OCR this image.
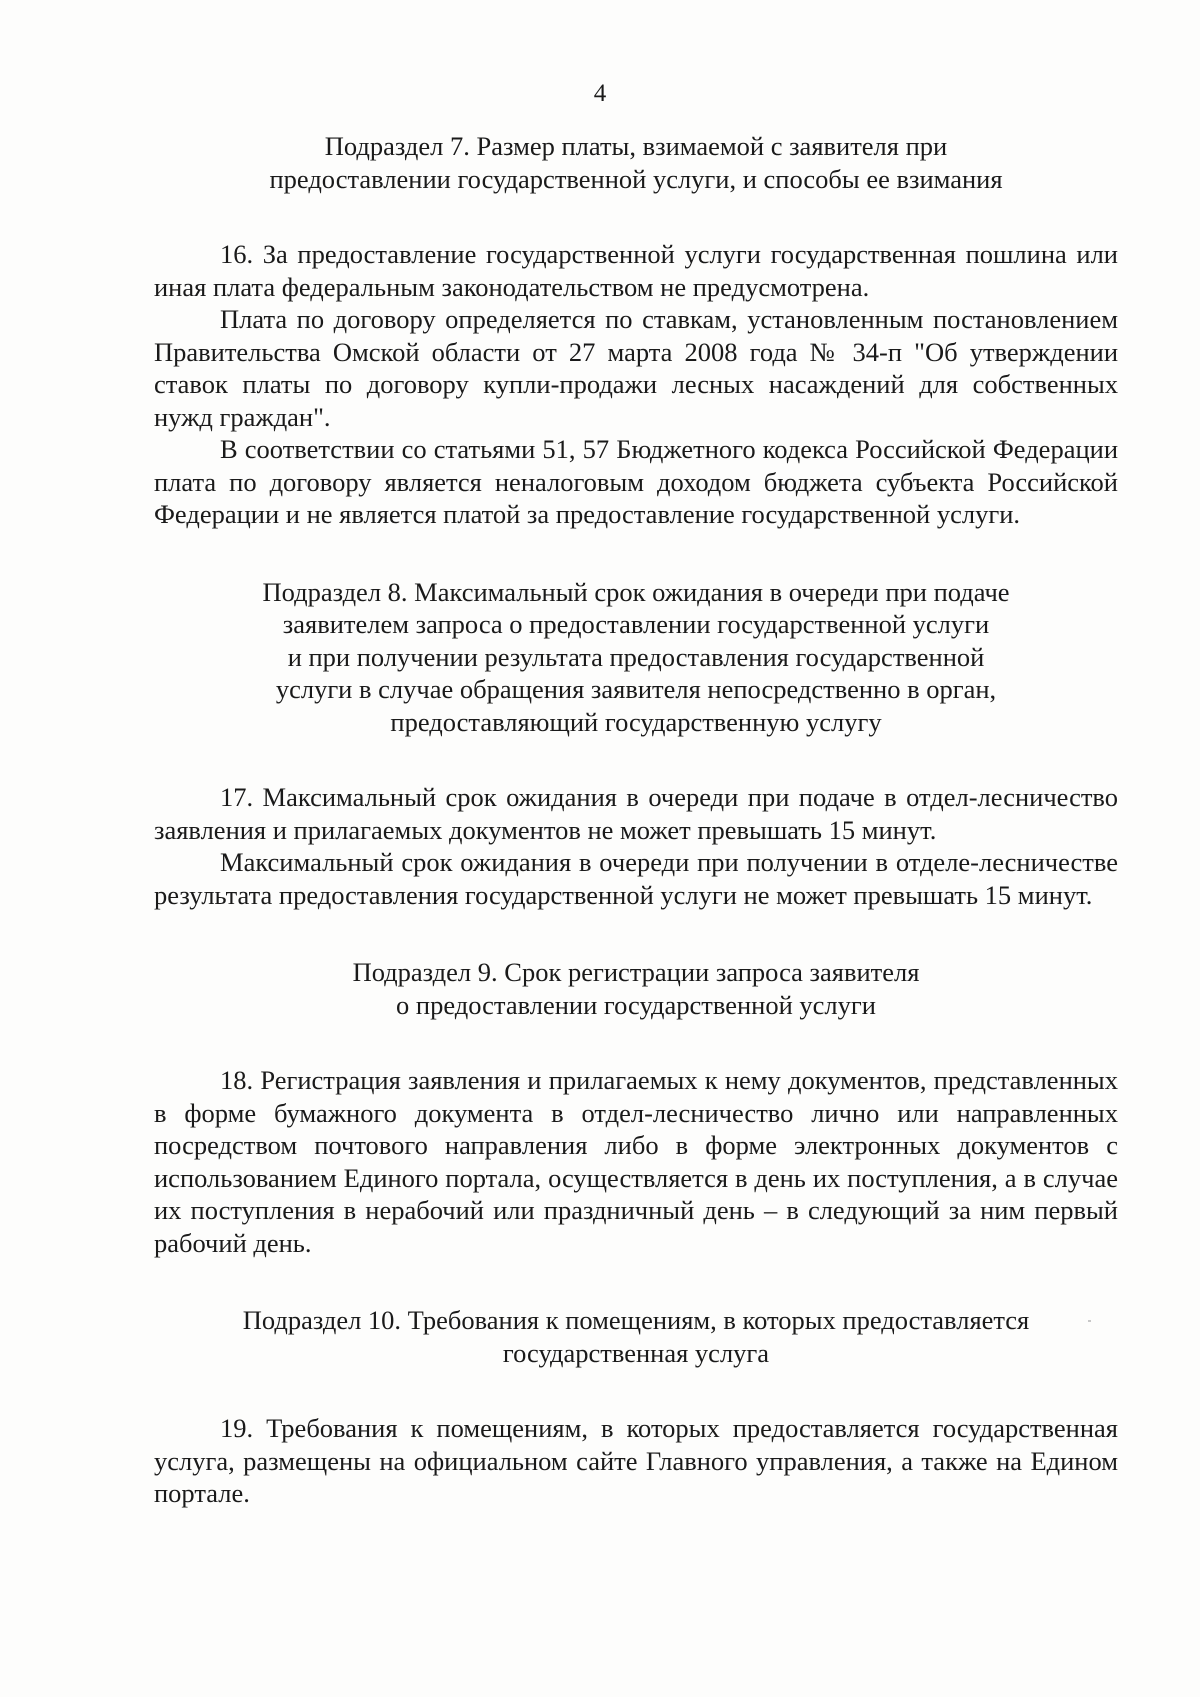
4
Подраздел 7. Размер платы, взимаемой с заявителя при
предоставлении государственной услуги, и способы ее взимания

16. За предоставление государственной услуги государственная пошлина или иная плата федеральным законодательством не предусмотрена.

Плата по договору определяется по ставкам, установленным постановлением Правительства Омской области от 27 марта 2008 года № 34-п "Об утверждении ставок платы по договору купли-продажи лесных насаждений для собственных нужд граждан".

В соответствии со статьями 51, 57 Бюджетного кодекса Российской Федерации плата по договору является неналоговым доходом бюджета субъекта Российской Федерации и не является платой за предоставление государственной услуги.

Подраздел 8. Максимальный срок ожидания в очереди при подаче
заявителем запроса о предоставлении государственной услуги
и при получении результата предоставления государственной
услуги в случае обращения заявителя непосредственно в орган,
предоставляющий государственную услугу

17. Максимальный срок ожидания в очереди при подаче в отдел-лесничество заявления и прилагаемых документов не может превышать 15 минут.

Максимальный срок ожидания в очереди при получении в отделе-лесничестве результата предоставления государственной услуги не может превышать 15 минут.

Подраздел 9. Срок регистрации запроса заявителя
о предоставлении государственной услуги

18. Регистрация заявления и прилагаемых к нему документов, представленных в форме бумажного документа в отдел-лесничество лично или направленных посредством почтового направления либо в форме электронных документов с использованием Единого портала, осуществляется в день их поступления, а в случае их поступления в нерабочий или праздничный день – в следующий за ним первый рабочий день.

Подраздел 10. Требования к помещениям, в которых предоставляется
государственная услуга

19. Требования к помещениям, в которых предоставляется государственная услуга, размещены на официальном сайте Главного управления, а также на Едином портале.
